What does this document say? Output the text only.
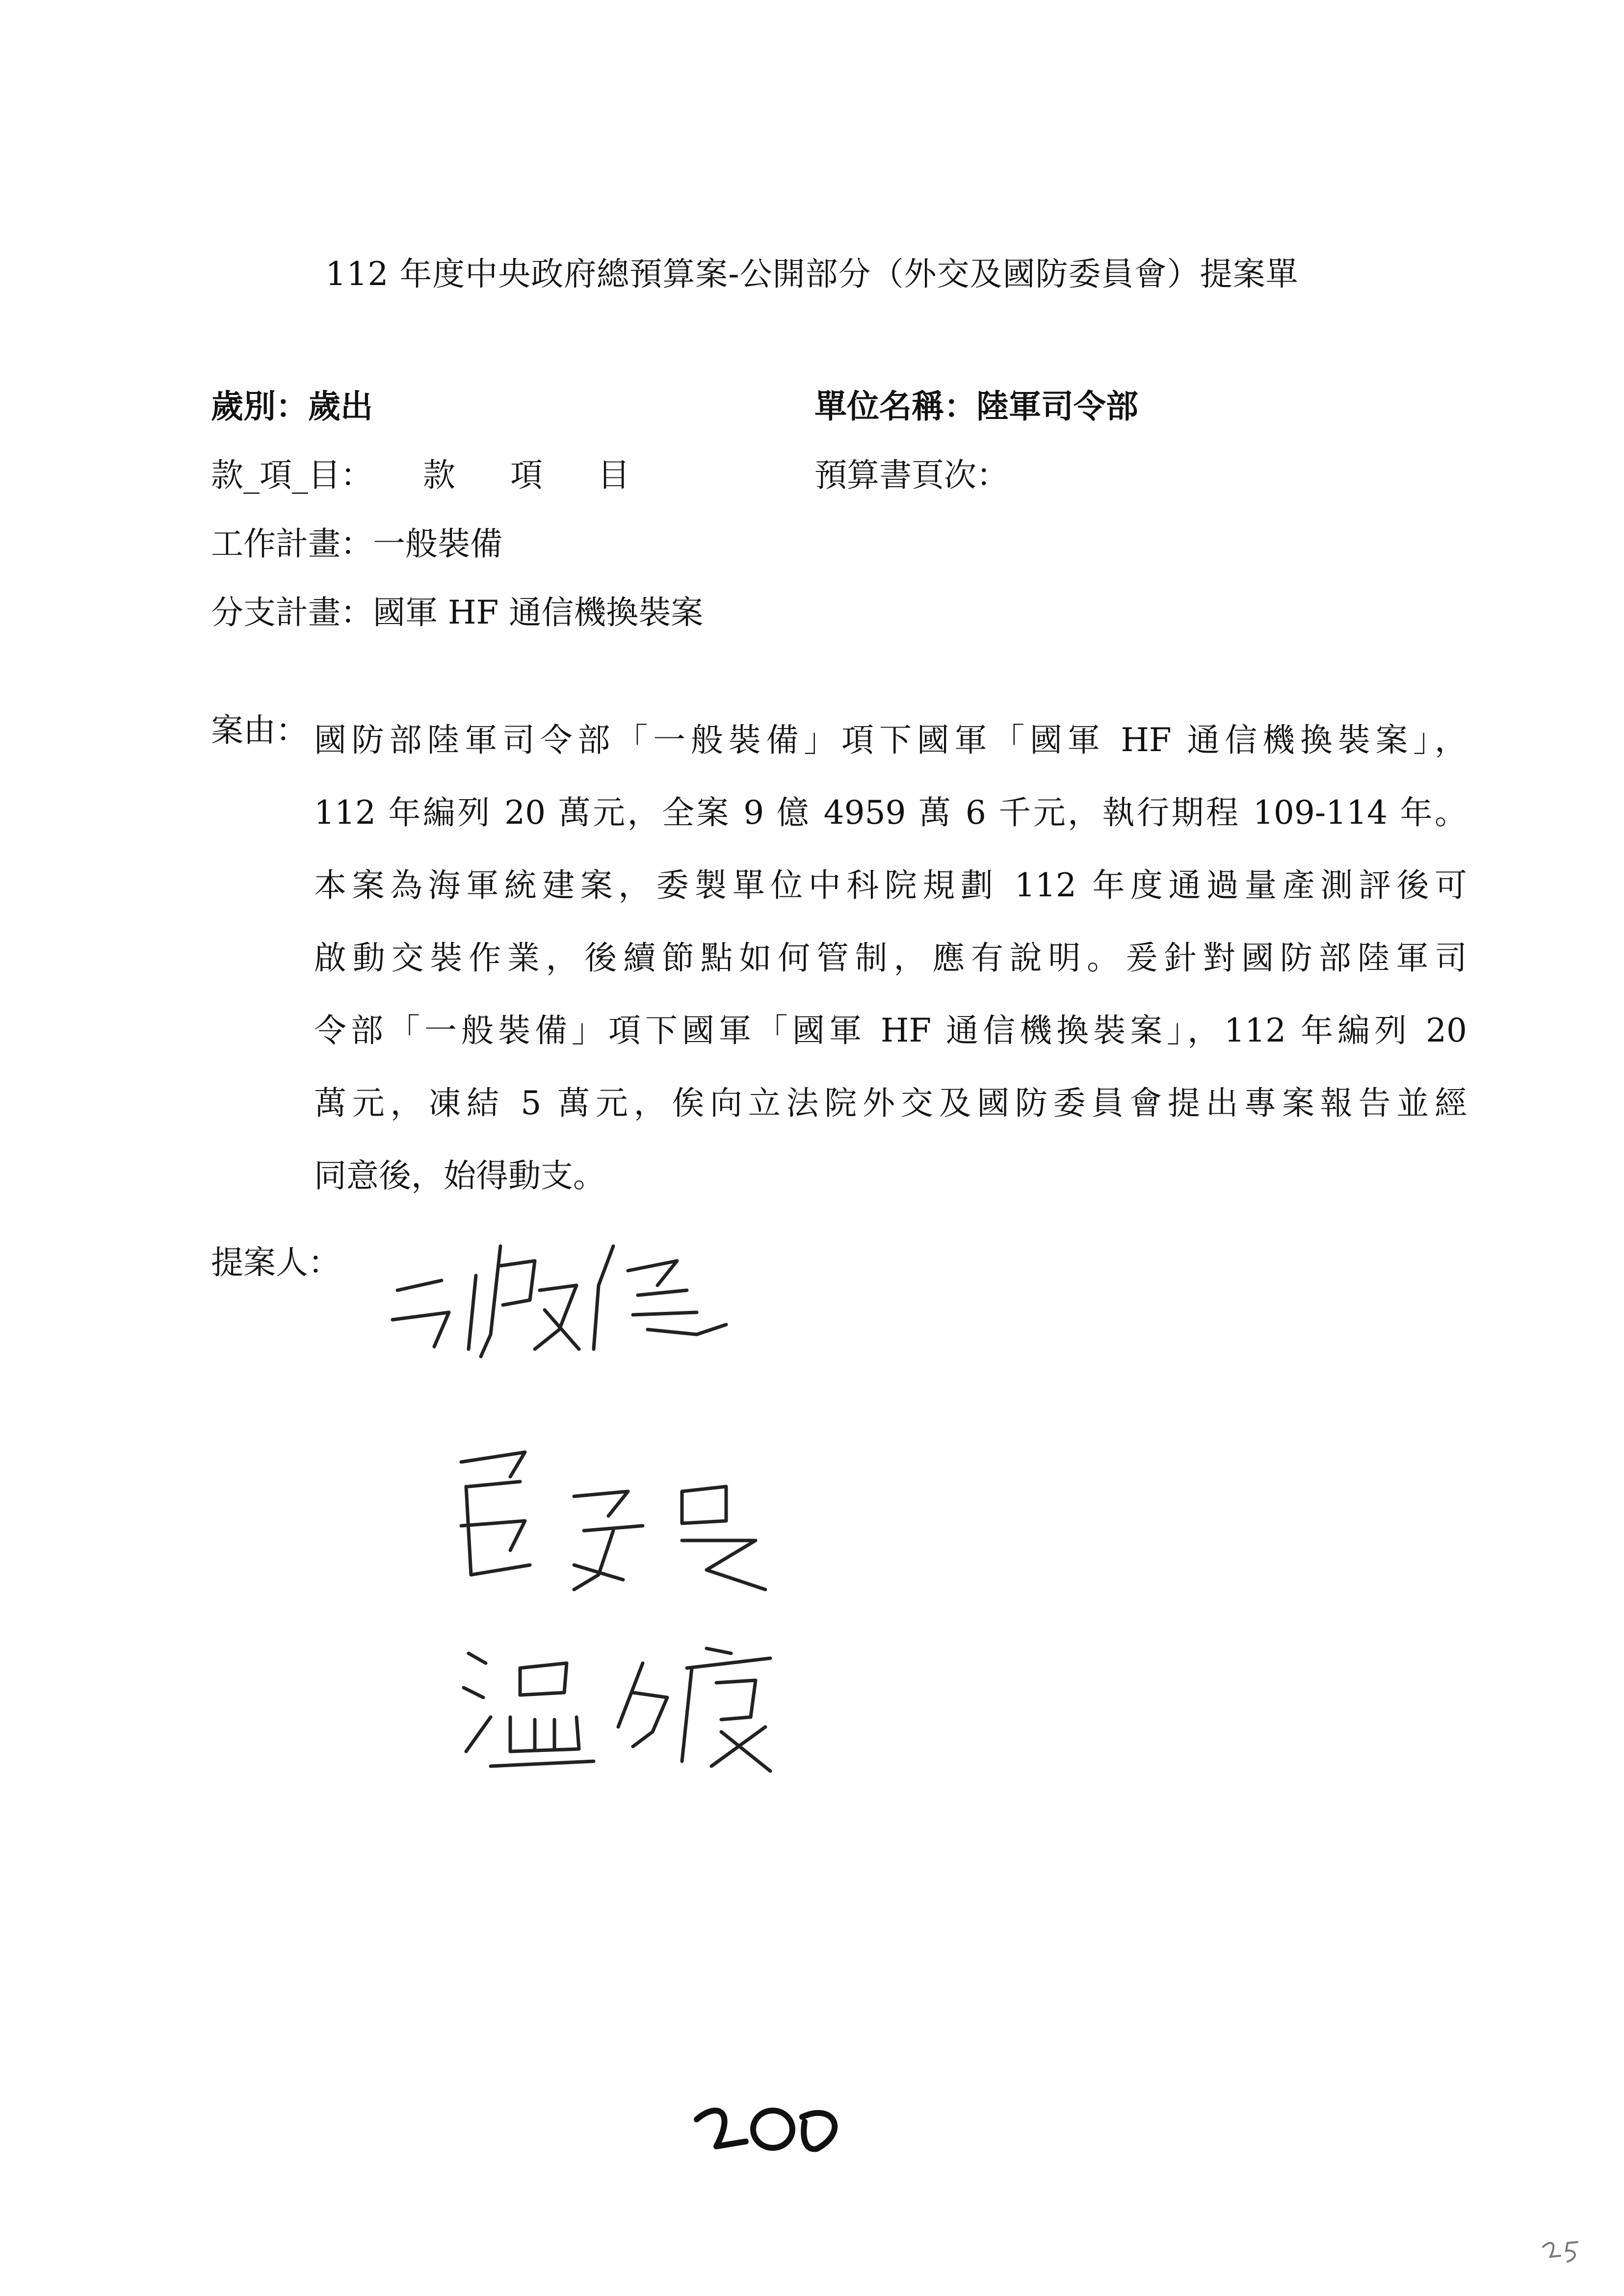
112 年度中央政府總預算案-公開部分（外交及國防委員會）提案單
歲別：歲出	單位名稱：陸軍司令部
款_項_目： 款 項 目	預算書頁次：
工作計畫：一般裝備
分支計畫：國軍 HF 通信機換裝案
案由： 國防部陸軍司令部「一般裝備」項下國軍「國軍 HF 通信機換裝案」，
112 年編列 20 萬元，全案 9 億 4959 萬 6 千元，執行期程 109-114 年。
本案為海軍統建案，委製單位中科院規劃 112 年度通過量產測評後可
啟動交裝作業，後續節點如何管制，應有說明。爰針對國防部陸軍司
令部「一般裝備」項下國軍「國軍 HF 通信機換裝案」，112 年編列 20
萬元，凍結 5 萬元，俟向立法院外交及國防委員會提出專案報告並經
同意後，始得動支。
提案人：
